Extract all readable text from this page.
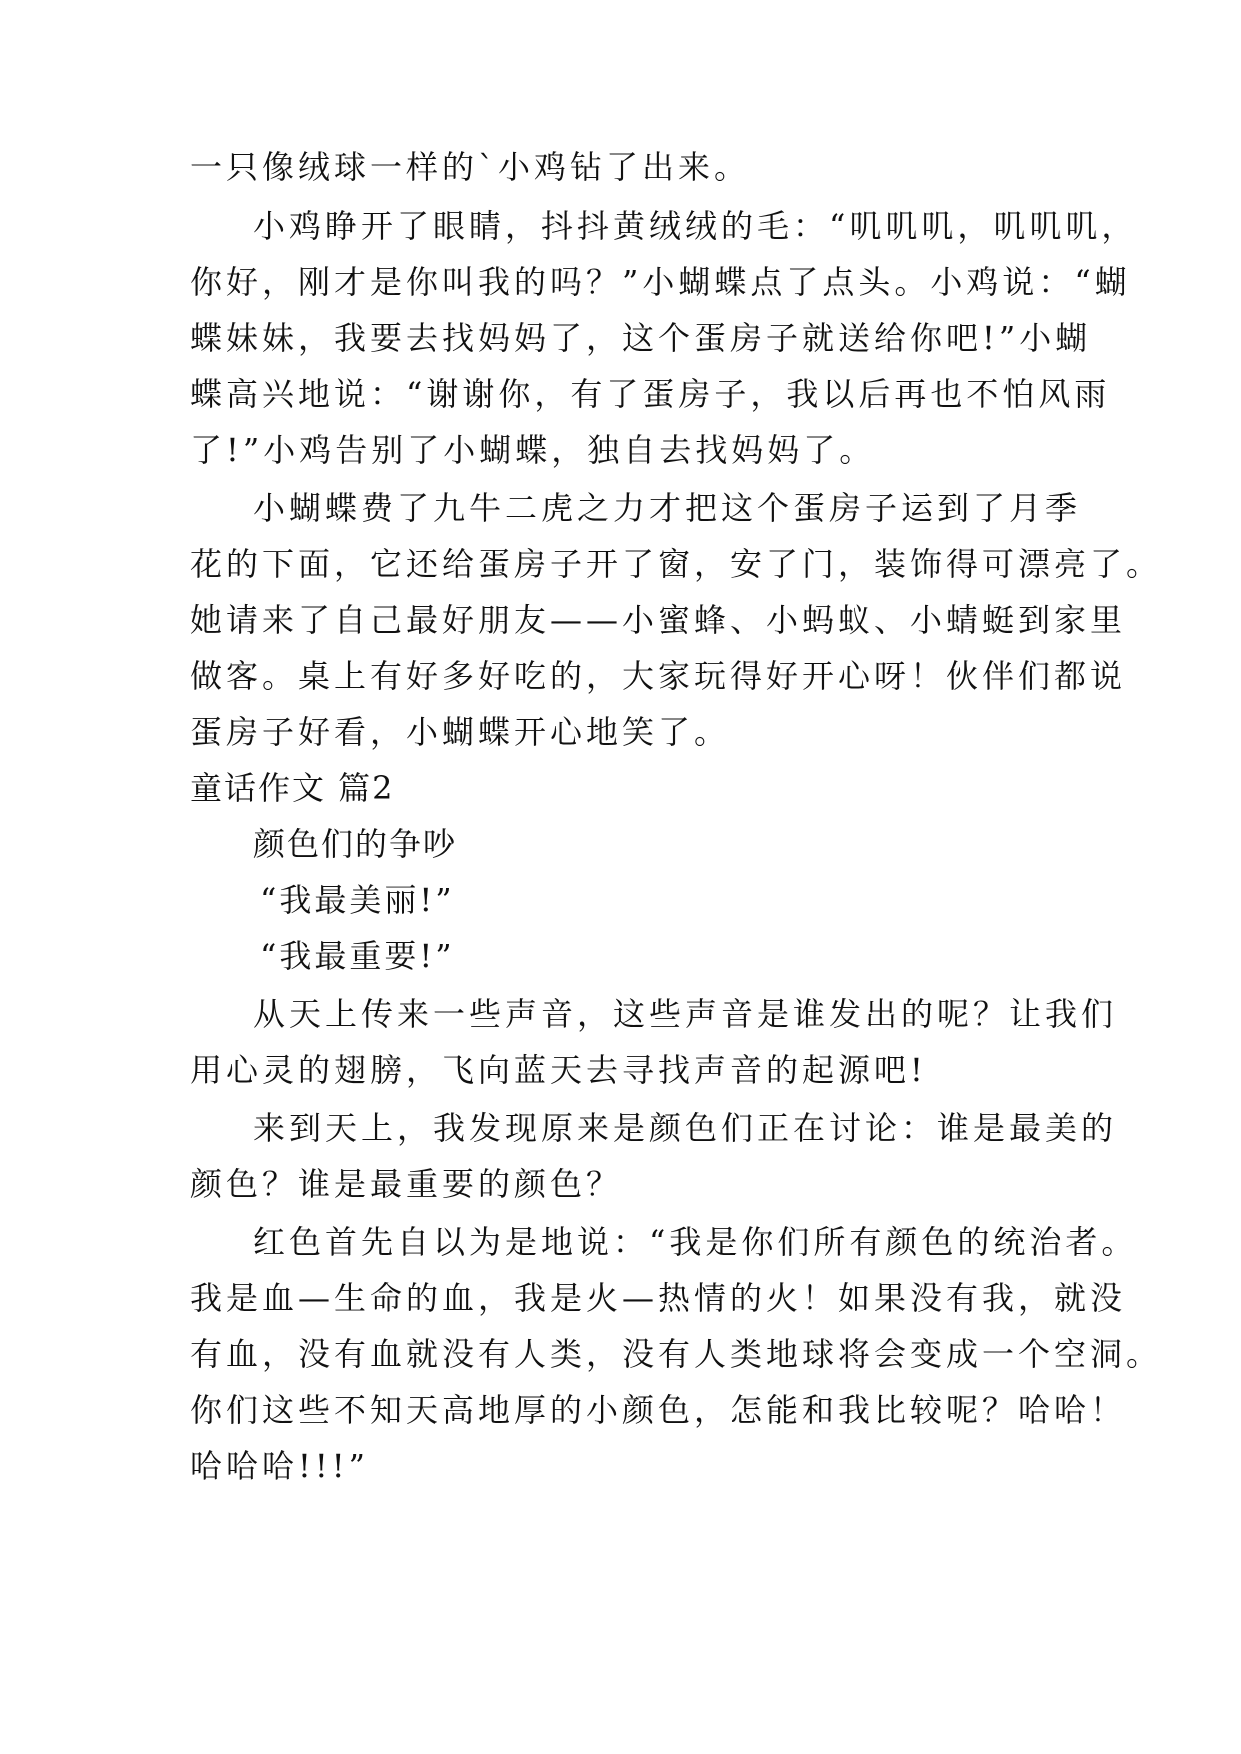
一只像绒球一样的`小鸡钻了出来。
小鸡睁开了眼睛，抖抖黄绒绒的毛：“叽叽叽，叽叽叽，
你好，刚才是你叫我的吗？”小蝴蝶点了点头。小鸡说：“蝴
蝶妹妹，我要去找妈妈了，这个蛋房子就送给你吧!”小蝴
蝶高兴地说：“谢谢你，有了蛋房子，我以后再也不怕风雨
了!”小鸡告别了小蝴蝶，独自去找妈妈了。
小蝴蝶费了九牛二虎之力才把这个蛋房子运到了月季
花的下面，它还给蛋房子开了窗，安了门，装饰得可漂亮了。
她请来了自己最好朋友——小蜜蜂、小蚂蚁、小蜻蜓到家里
做客。桌上有好多好吃的，大家玩得好开心呀！伙伴们都说
蛋房子好看，小蝴蝶开心地笑了。
童话作文 篇2
颜色们的争吵
“我最美丽!”
“我最重要!”
从天上传来一些声音，这些声音是谁发出的呢？让我们
用心灵的翅膀，飞向蓝天去寻找声音的起源吧!
来到天上，我发现原来是颜色们正在讨论：谁是最美的
颜色？谁是最重要的颜色？
红色首先自以为是地说：“我是你们所有颜色的统治者。
我是血—生命的血，我是火—热情的火！如果没有我，就没
有血，没有血就没有人类，没有人类地球将会变成一个空洞。
你们这些不知天高地厚的小颜色，怎能和我比较呢？哈哈！
哈哈哈!!!”
